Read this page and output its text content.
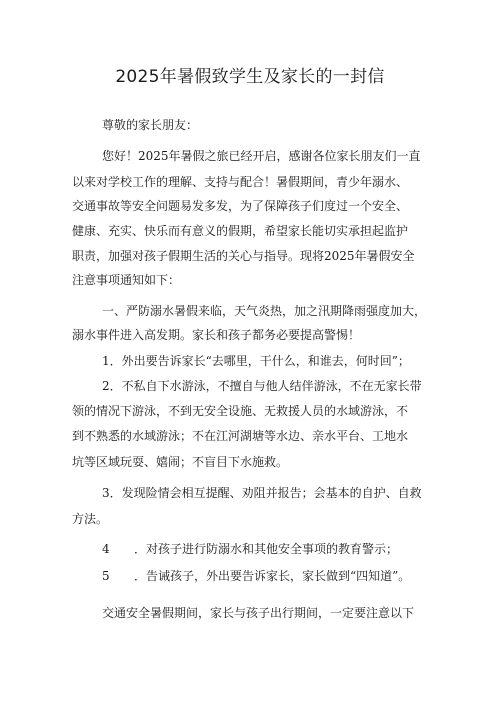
2025年暑假致学生及家长的一封信
尊敬的家长朋友：
您好！2025年暑假之旅已经开启，感谢各位家长朋友们一直
以来对学校工作的理解、支持与配合！暑假期间，青少年溺水、
交通事故等安全问题易发多发，为了保障孩子们度过一个安全、
健康、充实、快乐而有意义的假期，希望家长能切实承担起监护
职责，加强对孩子假期生活的关心与指导。现将2025年暑假安全
注意事项通知如下：
一、严防溺水暑假来临，天气炎热，加之汛期降雨强度加大，
溺水事件进入高发期。家长和孩子都务必要提高警惕！
1．外出要告诉家长“去哪里，干什么，和谁去，何时回”；
2．不私自下水游泳，不擅自与他人结伴游泳，不在无家长带
领的情况下游泳，不到无安全设施、无救援人员的水域游泳，不
到不熟悉的水域游泳；不在江河湖塘等水边、亲水平台、工地水
坑等区域玩耍、嬉闹；不盲目下水施救。
3．发现险情会相互提醒、劝阻并报告；会基本的自护、自救
方法。
4 ．对孩子进行防溺水和其他安全事项的教育警示；
5 ．告诫孩子，外出要告诉家长，家长做到“四知道”。
交通安全暑假期间，家长与孩子出行期间，一定要注意以下
